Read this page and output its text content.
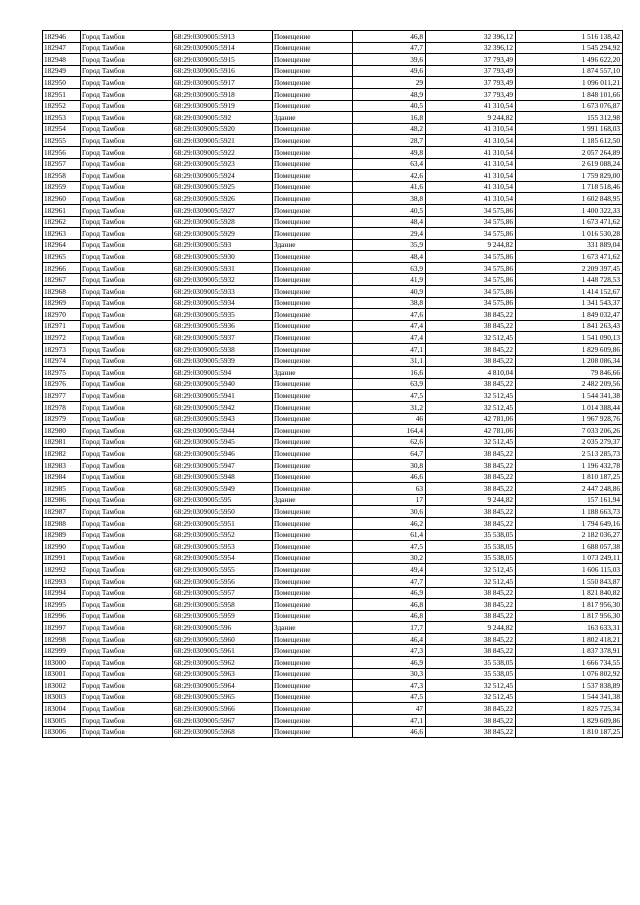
182946	Город Тамбов	68:29:0309005:5913	Помещение	46,8	32 396,12	1 516 138,42
182947	Город Тамбов	68:29:0309005:5914	Помещение	47,7	32 396,12	1 545 294,92
182948	Город Тамбов	68:29:0309005:5915	Помещение	39,6	37 793,49	1 496 622,20
182949	Город Тамбов	68:29:0309005:5916	Помещение	49,6	37 793,49	1 874 557,10
182950	Город Тамбов	68:29:0309005:5917	Помещение	29	37 793,49	1 096 011,21
182951	Город Тамбов	68:29:0309005:5918	Помещение	48,9	37 793,49	1 848 101,66
182952	Город Тамбов	68:29:0309005:5919	Помещение	40,5	41 310,54	1 673 076,87
182953	Город Тамбов	68:29:0309005:592	Здание	16,8	9 244,82	155 312,98
182954	Город Тамбов	68:29:0309005:5920	Помещение	48,2	41 310,54	1 991 168,03
182955	Город Тамбов	68:29:0309005:5921	Помещение	28,7	41 310,54	1 185 612,50
182956	Город Тамбов	68:29:0309005:5922	Помещение	49,8	41 310,54	2 057 264,89
182957	Город Тамбов	68:29:0309005:5923	Помещение	63,4	41 310,54	2 619 088,24
182958	Город Тамбов	68:29:0309005:5924	Помещение	42,6	41 310,54	1 759 829,00
182959	Город Тамбов	68:29:0309005:5925	Помещение	41,6	41 310,54	1 718 518,46
182960	Город Тамбов	68:29:0309005:5926	Помещение	38,8	41 310,54	1 602 848,95
182961	Город Тамбов	68:29:0309005:5927	Помещение	40,5	34 575,86	1 400 322,33
182962	Город Тамбов	68:29:0309005:5928	Помещение	48,4	34 575,86	1 673 471,62
182963	Город Тамбов	68:29:0309005:5929	Помещение	29,4	34 575,86	1 016 530,28
182964	Город Тамбов	68:29:0309005:593	Здание	35,9	9 244,82	331 889,04
182965	Город Тамбов	68:29:0309005:5930	Помещение	48,4	34 575,86	1 673 471,62
182966	Город Тамбов	68:29:0309005:5931	Помещение	63,9	34 575,86	2 209 397,45
182967	Город Тамбов	68:29:0309005:5932	Помещение	41,9	34 575,86	1 448 728,53
182968	Город Тамбов	68:29:0309005:5933	Помещение	40,9	34 575,86	1 414 152,67
182969	Город Тамбов	68:29:0309005:5934	Помещение	38,8	34 575,86	1 341 543,37
182970	Город Тамбов	68:29:0309005:5935	Помещение	47,6	38 845,22	1 849 032,47
182971	Город Тамбов	68:29:0309005:5936	Помещение	47,4	38 845,22	1 841 263,43
182972	Город Тамбов	68:29:0309005:5937	Помещение	47,4	32 512,45	1 541 090,13
182973	Город Тамбов	68:29:0309005:5938	Помещение	47,1	38 845,22	1 829 609,86
182974	Город Тамбов	68:29:0309005:5939	Помещение	31,1	38 845,22	1 208 086,34
182975	Город Тамбов	68:29:0309005:594	Здание	16,6	4 810,04	79 846,66
182976	Город Тамбов	68:29:0309005:5940	Помещение	63,9	38 845,22	2 482 209,56
182977	Город Тамбов	68:29:0309005:5941	Помещение	47,5	32 512,45	1 544 341,38
182978	Город Тамбов	68:29:0309005:5942	Помещение	31,2	32 512,45	1 014 388,44
182979	Город Тамбов	68:29:0309005:5943	Помещение	46	42 781,06	1 967 928,76
182980	Город Тамбов	68:29:0309005:5944	Помещение	164,4	42 781,06	7 033 206,26
182981	Город Тамбов	68:29:0309005:5945	Помещение	62,6	32 512,45	2 035 279,37
182982	Город Тамбов	68:29:0309005:5946	Помещение	64,7	38 845,22	2 513 285,73
182983	Город Тамбов	68:29:0309005:5947	Помещение	30,8	38 845,22	1 196 432,78
182984	Город Тамбов	68:29:0309005:5948	Помещение	46,6	38 845,22	1 810 187,25
182985	Город Тамбов	68:29:0309005:5949	Помещение	63	38 845,22	2 447 248,86
182986	Город Тамбов	68:29:0309005:595	Здание	17	9 244,82	157 161,94
182987	Город Тамбов	68:29:0309005:5950	Помещение	30,6	38 845,22	1 188 663,73
182988	Город Тамбов	68:29:0309005:5951	Помещение	46,2	38 845,22	1 794 649,16
182989	Город Тамбов	68:29:0309005:5952	Помещение	61,4	35 538,05	2 182 036,27
182990	Город Тамбов	68:29:0309005:5953	Помещение	47,5	35 538,05	1 688 057,38
182991	Город Тамбов	68:29:0309005:5954	Помещение	30,2	35 538,05	1 073 249,11
182992	Город Тамбов	68:29:0309005:5955	Помещение	49,4	32 512,45	1 606 115,03
182993	Город Тамбов	68:29:0309005:5956	Помещение	47,7	32 512,45	1 550 843,87
182994	Город Тамбов	68:29:0309005:5957	Помещение	46,9	38 845,22	1 821 840,82
182995	Город Тамбов	68:29:0309005:5958	Помещение	46,8	38 845,22	1 817 956,30
182996	Город Тамбов	68:29:0309005:5959	Помещение	46,8	38 845,22	1 817 956,30
182997	Город Тамбов	68:29:0309005:596	Здание	17,7	9 244,82	163 633,31
182998	Город Тамбов	68:29:0309005:5960	Помещение	46,4	38 845,22	1 802 418,21
182999	Город Тамбов	68:29:0309005:5961	Помещение	47,3	38 845,22	1 837 378,91
183000	Город Тамбов	68:29:0309005:5962	Помещение	46,9	35 538,05	1 666 734,55
183001	Город Тамбов	68:29:0309005:5963	Помещение	30,3	35 538,05	1 076 802,92
183002	Город Тамбов	68:29:0309005:5964	Помещение	47,3	32 512,45	1 537 838,89
183003	Город Тамбов	68:29:0309005:5965	Помещение	47,5	32 512,45	1 544 341,38
183004	Город Тамбов	68:29:0309005:5966	Помещение	47	38 845,22	1 825 725,34
183005	Город Тамбов	68:29:0309005:5967	Помещение	47,1	38 845,22	1 829 609,86
183006	Город Тамбов	68:29:0309005:5968	Помещение	46,6	38 845,22	1 810 187,25
